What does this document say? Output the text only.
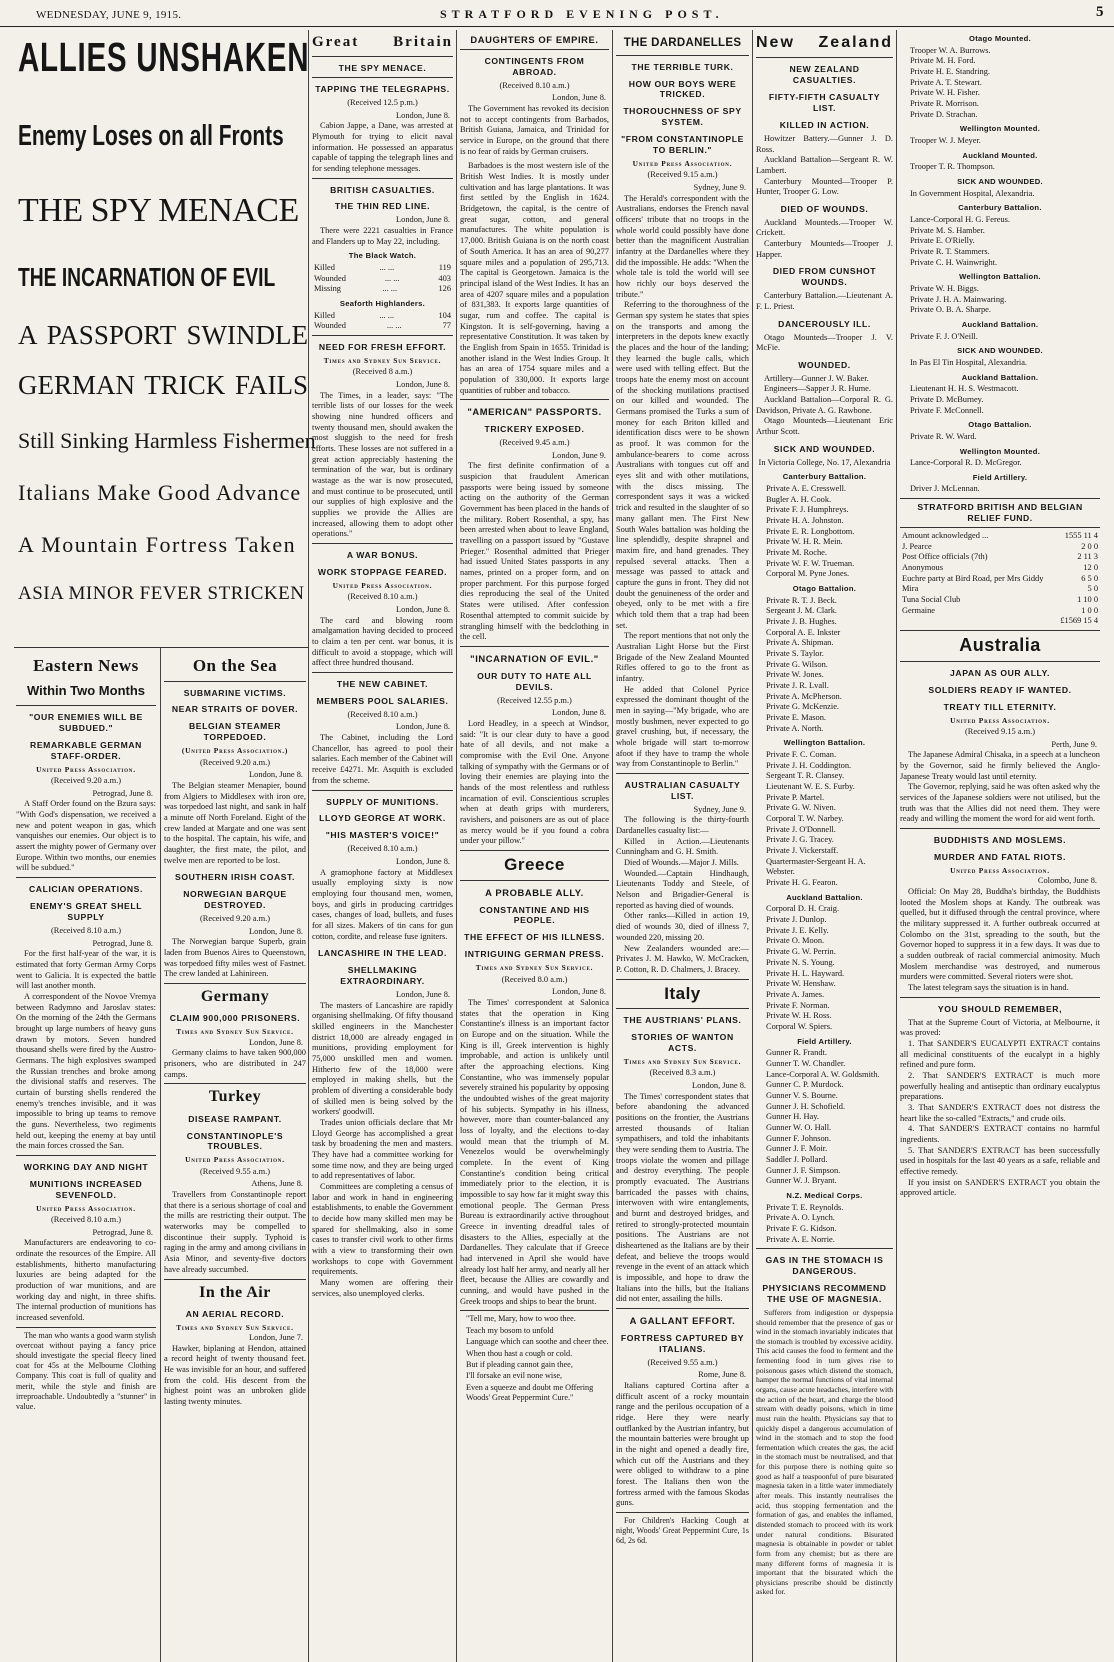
WEDNESDAY, JUNE 9, 1915.	STRATFORD EVENING POST.	5
ALLIES UNSHAKEN
Enemy Loses on all Fronts
THE SPY MENACE
THE INCARNATION OF EVIL
A PASSPORT SWINDLE
GERMAN TRICK FAILS
Still Sinking Harmless Fishermen
Italians Make Good Advance
A Mountain Fortress Taken
ASIA MINOR FEVER STRICKEN
Eastern News
Within Two Months
"OUR ENEMIES WILL BE SUBDUED."
REMARKABLE GERMAN STAFF-ORDER.
United Press Association.
(Received 9.20 a.m.)
Petrograd, June 8.

A Staff Order found on the Bzura says: "With God's dispensation, we received a new and potent weapon in gas, which vanquishes our enemies. Our object is to assert the mighty power of Germany over Europe. Within two months, our enemies will be subdued."

CALICIAN OPERATIONS.
ENEMY'S GREAT SHELL SUPPLY
(Received 8.10 a.m.)
Petrograd, June 8.

For the first half-year of the war, it is estimated that forty German Army Corps went to Galicia. It is expected the battle will last another month.

A correspondent of the Novoe Vremya between Radymno and Jaroslav states: On the morning of the 24th the Germans brought up large numbers of heavy guns drawn by motors. Seven hundred thousand shells were fired by the Austro-Germans. The high explosives swamped the Russian trenches and broke among the divisional staffs and reserves. The curtain of bursting shells rendered the enemy's trenches invisible, and it was impossible to bring up teams to remove the guns. Nevertheless, two regiments held out, keeping the enemy at bay until the main forces crossed the San.

WORKING DAY AND NIGHT
MUNITIONS INCREASED SEVENFOLD.
United Press Association.
(Received 8.10 a.m.)
Petrograd, June 8.

Manufacturers are endeavoring to co-ordinate the resources of the Empire. All establishments, hitherto manufacturing luxuries are being adapted for the production of war munitions, and are working day and night, in three shifts. The internal production of munitions has increased sevenfold.

The man who wants a good warm stylish overcoat without paying a fancy price should investigate the special fleecy lined coat for 45s at the Melbourne Clothing Company. This coat is full of quality and merit, while the style and finish are irreproachable. Undoubtedly a "stunner" in value.

On the Sea
SUBMARINE VICTIMS.
NEAR STRAITS OF DOVER.
BELGIAN STEAMER TORPEDOED.
(United Press Association.)
(Received 9.20 a.m.)
London, June 8.

The Belgian steamer Menapier, bound from Algiers to Middlesex with iron ore, was torpedoed last night, and sank in half a minute off North Foreland. Eight of the crew landed at Margate and one was sent to the hospital. The captain, his wife, and daughter, the first mate, the pilot, and twelve men are reported to be lost.

SOUTHERN IRISH COAST.
NORWEGIAN BARQUE DESTROYED.
(Received 9.20 a.m.)
London, June 8.

The Norwegian barque Superb, grain laden from Buenos Aires to Queenstown, was torpedoed fifty miles west of Fastnet. The crew landed at Lahinireen.

Germany
CLAIM 900,000 PRISONERS.
Times and Sydney Sun Service.
London, June 8.

Germany claims to have taken 900,000 prisoners, who are distributed in 247 camps.

Turkey
DISEASE RAMPANT.
CONSTANTINOPLE'S TROUBLES.
United Press Association.
(Received 9.55 a.m.)
Athens, June 8.

Travellers from Constantinople report that there is a serious shortage of coal and the mills are restricting their output. The waterworks may be compelled to discontinue their supply. Typhoid is raging in the army and among civilians in Asia Minor, and seventy-five doctors have already succumbed.

In the Air
AN AERIAL RECORD.
Times and Sydney Sun Service.
London, June 7.

Hawker, biplaning at Hendon, attained a record height of twenty thousand feet. He was invisible for an hour, and suffered from the cold. His descent from the highest point was an unbroken glide lasting twenty minutes.

Great Britain
THE SPY MENACE.
TAPPING THE TELEGRAPHS.
(Received 12.5 p.m.)
London, June 8.

Cabion Jappe, a Dane, was arrested at Plymouth for trying to elicit naval information. He possessed an apparatus capable of tapping the telegraph lines and for sending telephone messages.

BRITISH CASUALTIES.
THE THIN RED LINE.
London, June 8.

There were 2221 casualties in France and Flanders up to May 22, including.

The Black Watch.
Killed	... ...	119
Wounded	... ...	403
Missing	... ...	126
Seaforth Highlanders.
Killed	... ...	104
Wounded	... ...	77
NEED FOR FRESH EFFORT.
Times and Sydney Sun Service.
(Received 8 a.m.)
London, June 8.

The Times, in a leader, says: "The terrible lists of our losses for the week showing nine hundred officers and twenty thousand men, should awaken the most sluggish to the need for fresh efforts. These losses are not suffered in a great action appreciably hastening the termination of the war, but is ordinary wastage as the war is now prosecuted, and must continue to be prosecuted, until our supplies of high explosive and the supplies we provide the Allies are increased, allowing them to adopt other operations."

A WAR BONUS.
WORK STOPPAGE FEARED.
United Press Association.
(Received 8.10 a.m.)
London, June 8.

The card and blowing room amalgamation having decided to proceed to claim a ten per cent. war bonus, it is difficult to avoid a stoppage, which will affect three hundred thousand.

THE NEW CABINET.
MEMBERS POOL SALARIES.
(Received 8.10 a.m.)
London, June 8.

The Cabinet, including the Lord Chancellor, has agreed to pool their salaries. Each member of the Cabinet will receive £4271. Mr. Asquith is excluded from the scheme.

SUPPLY OF MUNITIONS.
LLOYD GEORGE AT WORK.
"HIS MASTER'S VOICE!"
(Received 8.10 a.m.)
London, June 8.

A gramophone factory at Middlesex usually employing sixty is now employing four thousand men, women, boys, and girls in producing cartridges cases, changes of load, bullets, and fuses for all sizes. Makers of tin cans for gun cotton, cordite, and release fuse igniters.

LANCASHIRE IN THE LEAD.
SHELLMAKING EXTRAORDINARY.
London, June 8.

The masters of Lancashire are rapidly organising shellmaking. Of fifty thousand skilled engineers in the Manchester district 18,000 are already engaged in munitions, providing employment for 75,000 unskilled men and women. Hitherto few of the 18,000 were employed in making shells, but the problem of diverting a considerable body of skilled men is being solved by the workers' goodwill.

Trades union officials declare that Mr Lloyd George has accomplished a great task by broadening the men and masters. They have had a committee working for some time now, and they are being urged to add representatives of labor.

Committees are completing a census of labor and work in hand in engineering establishments, to enable the Government to decide how many skilled men may be spared for shellmaking, also in some cases to transfer civil work to other firms with a view to transforming their own workshops to cope with Government requirements.

Many women are offering their services, also unemployed clerks.

DAUGHTERS OF EMPIRE.
CONTINGENTS FROM ABROAD.
(Received 8.10 a.m.)
London, June 8.

The Government has revoked its decision not to accept contingents from Barbados, British Guiana, Jamaica, and Trinidad for service in Europe, on the ground that there is no fear of raids by German cruisers.

Barbadoes is the most western isle of the British West Indies. It is mostly under cultivation and has large plantations. It was first settled by the English in 1624. Bridgetown, the capital, is the centre of great sugar, cotton, and general manufactures. The white population is 17,000. British Guiana is on the north coast of South America. It has an area of 90,277 square miles and a population of 295,713. The capital is Georgetown. Jamaica is the principal island of the West Indies. It has an area of 4207 square miles and a population of 831,383. It exports large quantities of sugar, rum and coffee. The capital is Kingston. It is self-governing, having a representative Constitution. It was taken by the English from Spain in 1655. Trinidad is another island in the West Indies Group. It has an area of 1754 square miles and a population of 330,000. It exports large quantities of rubber and tobacco.

"AMERICAN" PASSPORTS.
TRICKERY EXPOSED.
(Received 9.45 a.m.)
London, June 9.

The first definite confirmation of a suspicion that fraudulent American passports were being issued by someone acting on the authority of the German Government has been placed in the hands of the military. Robert Rosenthal, a spy, has been arrested when about to leave England, travelling on a passport issued by "Gustave Prieger." Rosenthal admitted that Prieger had issued United States passports in any names, printed on a proper form, and on proper parchment. For this purpose forged dies reproducing the seal of the United States were utilised. After confession Rosenthal attempted to commit suicide by strangling himself with the bedclothing in the cell.

"INCARNATION OF EVIL."
OUR DUTY TO HATE ALL DEVILS.
(Received 12.55 p.m.)
London, June 8.

Lord Headley, in a speech at Windsor, said: "It is our clear duty to have a good hate of all devils, and not make a compromise with the Evil One. Anyone talking of sympathy with the Germans or of loving their enemies are playing into the hands of the most relentless and ruthless incarnation of evil. Conscientious scruples when at death grips with murderers, ravishers, and poisoners are as out of place as mercy would be if you found a cobra under your pillow."

Greece
A PROBABLE ALLY.
CONSTANTINE AND HIS PEOPLE.
THE EFFECT OF HIS ILLNESS.
INTRIGUING GERMAN PRESS.
Times and Sydney Sun Service.
(Received 8.0 a.m.)
London, June 8.

The Times' correspondent at Salonica states that the operation in King Constantine's illness is an important factor on Europe and on the situation. While the King is ill, Greek intervention is highly improbable, and action is unlikely until after the approaching elections. King Constantine, who was immensely popular severely strained his popularity by opposing the undoubted wishes of the great majority of his subjects. Sympathy in his illness, however, more than counter-balanced any loss of loyalty, and the elections to-day would mean that the triumph of M. Venezelos would be overwhelmingly complete. In the event of King Constantine's condition being critical immediately prior to the election, it is impossible to say how far it might sway this emotional people. The German Press Bureau is extraordinarily active throughout Greece in inventing dreadful tales of disasters to the Allies, especially at the Dardanelles. They calculate that if Greece had intervened in April she would have already lost half her army, and nearly all her fleet, because the Allies are cowardly and cunning, and would have pushed in the Greek troops and ships to bear the brunt.

"Tell me, Mary, how to woo thee.
Teach my bosom to unfold
Language which can soothe and cheer thee.
When thou hast a cough or cold.
But if pleading cannot gain thee,
I'll forsake an evil none wise,
Even a squeeze and doubt me Offering Woods' Great Peppermint Cure."
THE DARDANELLES
THE TERRIBLE TURK.
HOW OUR BOYS WERE TRICKED.
THOROUCHNESS OF SPY SYSTEM.
"FROM CONSTANTINOPLE TO BERLIN."
United Press Association.
(Received 9.15 a.m.)
Sydney, June 9.

The Herald's correspondent with the Australians, endorses the French naval officers' tribute that no troops in the whole world could possibly have done better than the magnificent Australian infantry at the Dardanelles where they did the impossible. He adds: "When the whole tale is told the world will see how richly our boys deserved the tribute."

Referring to the thoroughness of the German spy system he states that spies on the transports and among the interpreters in the depots knew exactly the places and the hour of the landing; they learned the bugle calls, which were used with telling effect. But the troops hate the enemy most on account of the shocking mutilations practised on our killed and wounded. The Germans promised the Turks a sum of money for each Briton killed and identification discs were to be shown as proof. It was common for the ambulance-bearers to come across Australians with tongues cut off and eyes slit and with other mutilations, with the discs missing. The correspondent says it was a wicked trick and resulted in the slaughter of so many gallant men. The First New South Wales battalion was holding the line splendidly, despite shrapnel and maxim fire, and hand grenades. They repulsed several attacks. Then a message was passed to attack and capture the guns in front. They did not doubt the genuineness of the order and obeyed, only to be met with a fire which told them that a trap had been set.

The report mentions that not only the Australian Light Horse but the First Brigade of the New Zealand Mounted Rifles offered to go to the front as infantry.

He added that Colonel Pyrice expressed the dominant thought of the men in saying—"My brigade, who are mostly bushmen, never expected to go gravel crushing, but, if necessary, the whole brigade will start to-morrow afoot if they have to tramp the whole way from Constantinople to Berlin."

AUSTRALIAN CASUALTY LIST.
Sydney, June 9.

The following is the thirty-fourth Dardanelles casualty list:—

Killed in Action.—Lieutenants Cunningham and G. H. Smith.

Died of Wounds.—Major J. Mills.

Wounded.—Captain Hindhaugh, Lieutenants Toddy and Steele, of Nelson and Brigadier-General is reported as having died of wounds.

Other ranks—Killed in action 19, died of wounds 30, died of illness 7, wounded 220, missing 20.

New Zealanders wounded are:—Privates J. M. Hawko, W. McCracken, P. Cotton, R. D. Chalmers, J. Bracey.

Italy
THE AUSTRIANS' PLANS.
STORIES OF WANTON ACTS.
Times and Sydney Sun Service.
(Received 8.3 a.m.)
London, June 8.

The Times' correspondent states that before abandoning the advanced positions on the frontier, the Austrians arrested thousands of Italian sympathisers, and told the inhabitants they were sending them to Austria. The troops violate the women and pillage and destroy everything. The people promptly evacuated. The Austrians barricaded the passes with chains, interwoven with wire entanglements, and burnt and destroyed bridges, and retired to strongly-protected mountain positions. The Austrians are not disheartened as the Italians are by their defeat, and believe the troops would revenge in the event of an attack which is impossible, and hope to draw the Italians into the hills, but the Italians did not enter, assailing the hills.

A GALLANT EFFORT.
FORTRESS CAPTURED BY ITALIANS.
(Received 9.55 a.m.)
Rome, June 8.

Italians captured Cortina after a difficult ascent of a rocky mountain range and the perilous occupation of a ridge. Here they were nearly outflanked by the Austrian infantry, but the mountain batteries were brought up in the night and opened a deadly fire, which cut off the Austrians and they were obliged to withdraw to a pine forest. The Italians then won the fortress armed with the famous Skodas guns.

For Children's Hacking Cough at night, Woods' Great Peppermint Cure, 1s 6d, 2s 6d.

New Zealand
NEW ZEALAND CASUALTIES.
FIFTY-FIFTH CASUALTY LIST.
KILLED IN ACTION.
Howitzer Battery.—Gunner J. D. Ross.
Auckland Battalion—Sergeant R. W. Lambert.
Canterbury Mounted—Trooper P. Hunter, Trooper G. Low.
DIED OF WOUNDS.
Auckland Mounteds.—Trooper W. Crickett.
Canterbury Mounteds—Trooper J. Happer.
DIED FROM CUNSHOT WOUNDS.
Canterbury Battalion.—Lieutenant A. F. L. Priest.
DANCEROUSLY ILL.
Otago Mounteds—Trooper J. V. McFie.
WOUNDED.
Artillery—Gunner J. W. Baker.
Engineers—Sapper J. R. Hume.
Auckland Battalion—Corporal R. G. Davidson, Private A. G. Rawbone.
Otago Mounteds—Lieutenant Eric Arthur Scott.
SICK AND WOUNDED.
In Victoria College, No. 17, Alexandria
Canterbury Battalion.
Private A. E. Cresswell.
Bugler A. H. Cook.
Private F. J. Humphreys.
Private H. A. Johnston.
Private E. R. Longbottom.
Private W. H. R. Mein.
Private M. Roche.
Private W. F. W. Trueman.
Corporal M. Pyne Jones.
Otago Battalion.
Private R. T. J. Beck.
Sergeant J. M. Clark.
Private J. B. Hughes.
Corporal A. E. Inkster
Private A. Shipman.
Private S. Taylor.
Private G. Wilson.
Private W. Jones.
Private J. R. Lvall.
Private A. McPherson.
Private G. McKenzie.
Private E. Mason.
Private A. North.
Wellington Battalion.
Private F. C. Coman.
Private J. H. Coddington.
Sergeant T. R. Clansey.
Lieutenant W. E. S. Furby.
Private P. Martel.
Private G. W. Niven.
Corporal T. W. Narbey.
Private J. O'Donnell.
Private J. G. Tracey.
Private J. Vickerstaff.
Quartermaster-Sergeant H. A. Webster.
Private H. G. Fearon.
Auckland Battalion.
Corporal D. H. Craig.
Private J. Dunlop.
Private J. E. Kelly.
Private O. Moon.
Private G. W. Perrin.
Private N. S. Young.
Private H. L. Hayward.
Private W. Henshaw.
Private A. James.
Private F. Norman.
Private W. H. Ross.
Corporal W. Spiers.
Field Artillery.
Gunner R. Frandt.
Gunner T. W. Chandler.
Lance-Corporal A. W. Goldsmith.
Gunner C. P. Murdock.
Gunner V. S. Bourne.
Gunner J. H. Schofield.
Gunner H. Hay.
Gunner W. O. Hall.
Gunner F. Johnson.
Gunner J. F. Moir.
Saddler J. Pollard.
Gunner J. F. Simpson.
Gunner W. J. Bryant.
N.Z. Medical Corps.
Private T. E. Reynolds.
Private A. O. Lynch.
Private F. G. Kidson.
Private A. E. Norrie.
GAS IN THE STOMACH IS DANGEROUS.
PHYSICIANS RECOMMEND THE USE OF MAGNESIA.

Sufferers from indigestion or dyspepsia should remember that the presence of gas or wind in the stomach invariably indicates that the stomach is troubled by excessive acidity. This acid causes the food to ferment and the fermenting food in turn gives rise to poisonous gases which distend the stomach, hamper the normal functions of vital internal organs, cause acute headaches, interfere with the action of the heart, and charge the blood stream with deadly poisons, which in time must ruin the health. Physicians say that to quickly dispel a dangerous accumulation of wind in the stomach and to stop the food fermentation which creates the gas, the acid in the stomach must be neutralised, and that for this purpose there is nothing quite so good as half a teaspoonful of pure bisurated magnesia taken in a little water immediately after meals. This instantly neutralises the acid, thus stopping fermentation and the formation of gas, and enables the inflamed, distended stomach to proceed with its work under natural conditions. Bisurated magnesia is obtainable in powder or tablet form from any chemist; but as there are many different forms of magnesia it is important that the bisurated which the physicians prescribe should be distinctly asked for.

Otago Mounted.
Trooper W. A. Burrows.
Private M. H. Ford.
Private H. E. Standring.
Private A. T. Stewart.
Private W. H. Fisher.
Private R. Morrison.
Private D. Strachan.
Wellington Mounted.
Trooper W. J. Meyer.
Auckland Mounted.
Trooper T. R. Thompson.
SICK AND WOUNDED.
In Government Hospital, Alexandria.
Canterbury Battalion.
Lance-Corporal H. G. Fereus.
Private M. S. Hamber.
Private E. O'Rielly.
Private R. T. Stammers.
Private C. H. Wainwright.
Wellington Battalion.
Private W. H. Biggs.
Private J. H. A. Mainwaring.
Private O. B. A. Sharpe.
Auckland Battalion.
Private F. J. O'Neill.
SICK AND WOUNDED.
In Pas El Tin Hospital, Alexandria.
Auckland Battalion.
Lieutenant H. H. S. Westmacott.
Private D. McBurney.
Private F. McConnell.
Otago Battalion.
Private R. W. Ward.
Wellington Mounted.
Lance-Corporal R. D. McGregor.
Field Artillery.
Driver J. McLennan.
STRATFORD BRITISH AND BELGIAN RELIEF FUND.
Amount acknowledged ...	1555 11 4
J. Pearce	2 0 0
Post Office officials (7th)	2 11 3
Anonymous	12 0
Euchre party at Bird Road, per Mrs Giddy	6 5 0
Mira	5 0
Tuna Social Club	1 10 0
Germaine	1 0 0
£1569 15 4
Australia
JAPAN AS OUR ALLY.
SOLDIERS READY IF WANTED.
TREATY TILL ETERNITY.
United Press Association.
(Received 9.15 a.m.)
Perth, June 9.

The Japanese Admiral Chisaka, in a speech at a luncheon by the Governor, said he firmly believed the Anglo-Japanese Treaty would last until eternity.

The Governor, replying, said he was often asked why the services of the Japanese soldiers were not utilised, but the truth was that the Allies did not need them. They were ready and willing the moment the word for aid went forth.

BUDDHISTS AND MOSLEMS.
MURDER AND FATAL RIOTS.
United Press Association.
Colombo, June 8.

Official: On May 28, Buddha's birthday, the Buddhists looted the Moslem shops at Kandy. The outbreak was quelled, but it diffused through the central province, where the military suppressed it. A further outbreak occurred at Colombo on the 31st, spreading to the south, but the Governor hoped to suppress it in a few days. It was due to a sudden outbreak of racial commercial animosity. Much Moslem merchandise was destroyed, and numerous murders were committed. Several rioters were shot.

The latest telegram says the situation is in hand.

YOU SHOULD REMEMBER,

That at the Supreme Court of Victoria, at Melbourne, it was proved:

1. That SANDER'S EUCALYPTI EXTRACT contains all medicinal constituents of the eucalypt in a highly refined and pure form.

2. That SANDER'S EXTRACT is much more powerfully healing and antiseptic than ordinary eucalyptus preparations.

3. That SANDER'S EXTRACT does not distress the heart like the so-called "Extracts," and crude oils.

4. That SANDER'S EXTRACT contains no harmful ingredients.

5. That SANDER'S EXTRACT has been successfully used in hospitals for the last 40 years as a safe, reliable and effective remedy.

If you insist on SANDER'S EXTRACT you obtain the approved article.
